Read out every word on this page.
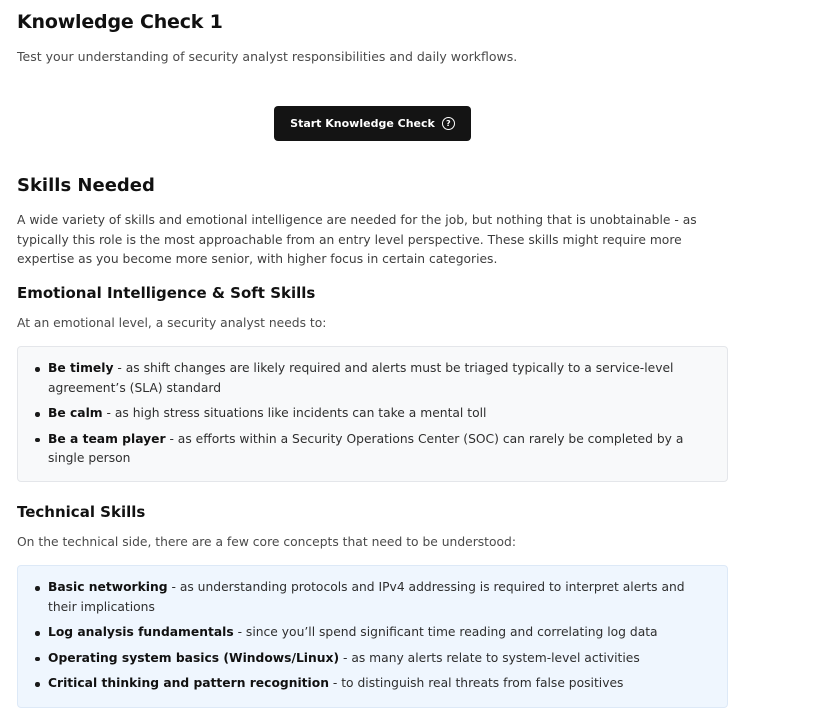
Knowledge Check 1

Test your understanding of security analyst responsibilities and daily workflows.

Start Knowledge Check	?
Skills Needed

A wide variety of skills and emotional intelligence are needed for the job, but nothing that is unobtainable - as typically this role is the most approachable from an entry level perspective. These skills might require more expertise as you become more senior, with higher focus in certain categories.

Emotional Intelligence & Soft Skills

At an emotional level, a security analyst needs to:

Be timely - as shift changes are likely required and alerts must be triaged typically to a service-level agreement’s (SLA) standard
Be calm - as high stress situations like incidents can take a mental toll
Be a team player - as efforts within a Security Operations Center (SOC) can rarely be completed by a single person
Technical Skills

On the technical side, there are a few core concepts that need to be understood:

Basic networking - as understanding protocols and IPv4 addressing is required to interpret alerts and their implications
Log analysis fundamentals - since you’ll spend significant time reading and correlating log data
Operating system basics (Windows/Linux) - as many alerts relate to system-level activities
Critical thinking and pattern recognition - to distinguish real threats from false positives
